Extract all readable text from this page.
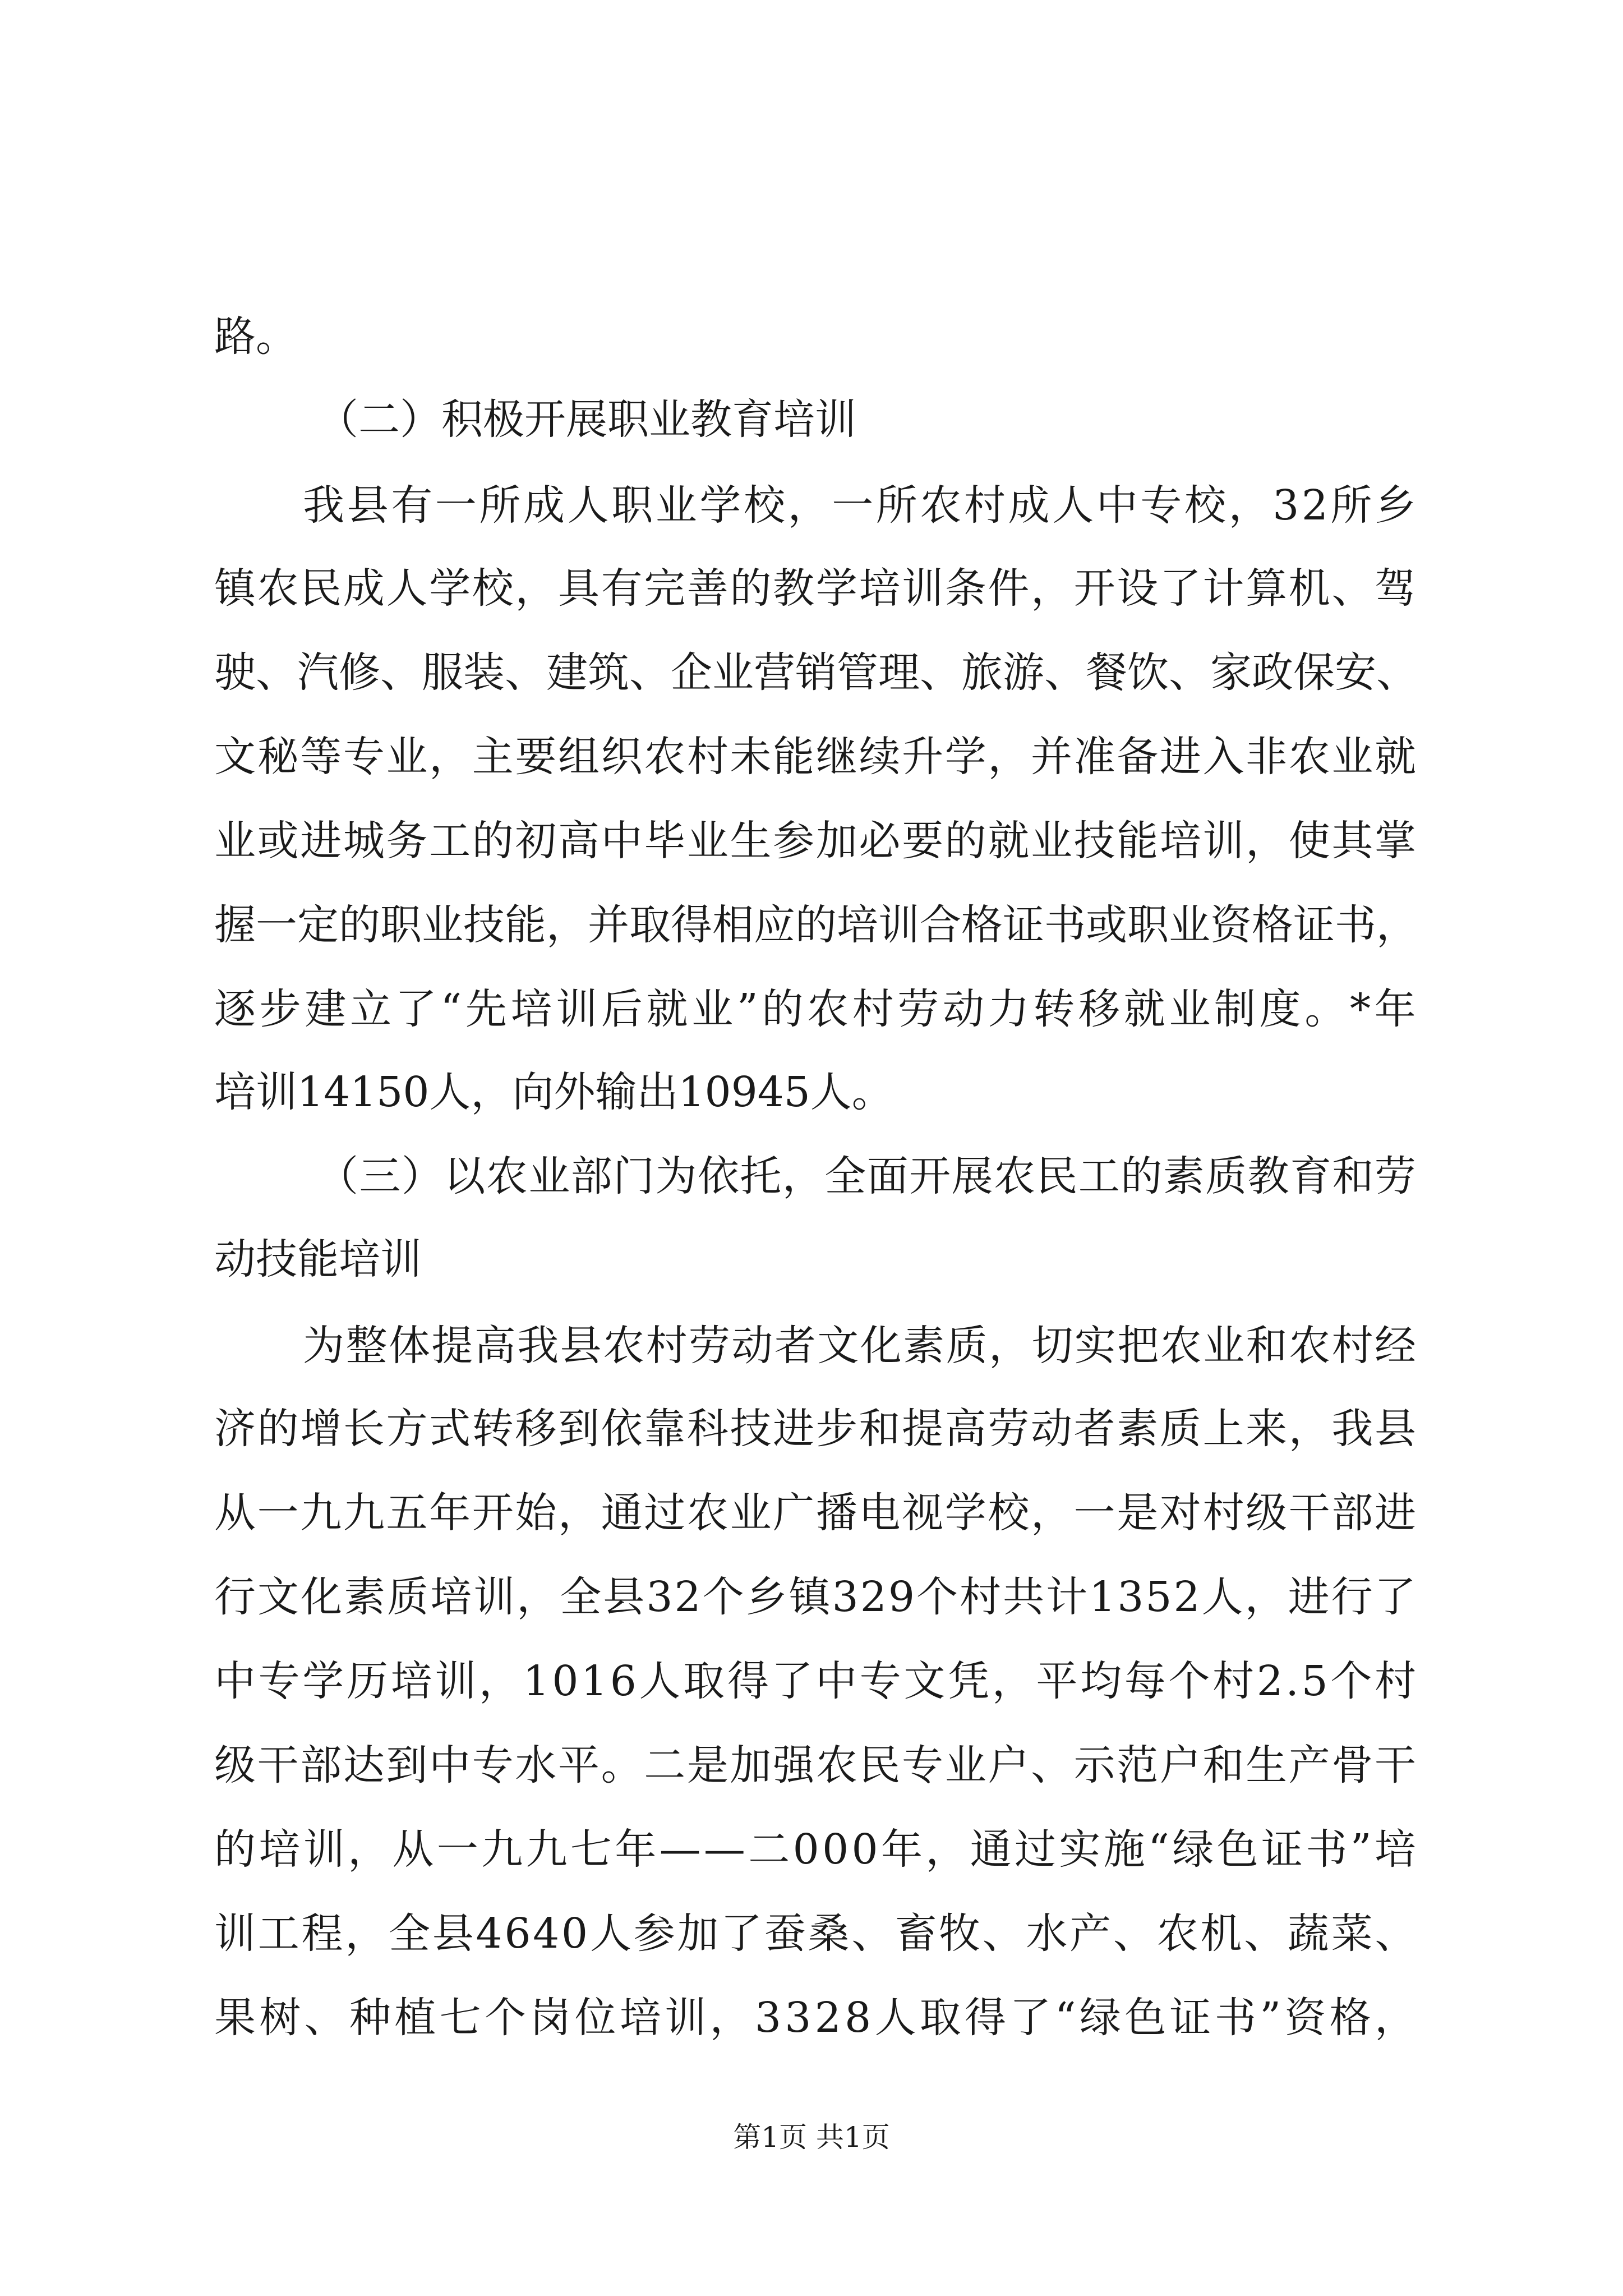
路。
（二）积极开展职业教育培训
我县有一所成人职业学校，一所农村成人中专校，32所乡
镇农民成人学校，具有完善的教学培训条件，开设了计算机、驾
驶、汽修、服装、建筑、企业营销管理、旅游、餐饮、家政保安、
文秘等专业，主要组织农村未能继续升学，并准备进入非农业就
业或进城务工的初高中毕业生参加必要的就业技能培训，使其掌
握一定的职业技能，并取得相应的培训合格证书或职业资格证书，
逐步建立了“先培训后就业”的农村劳动力转移就业制度。*年
培训14150人，向外输出10945人。
（三）以农业部门为依托，全面开展农民工的素质教育和劳
动技能培训
为整体提高我县农村劳动者文化素质，切实把农业和农村经
济的增长方式转移到依靠科技进步和提高劳动者素质上来，我县
从一九九五年开始，通过农业广播电视学校，一是对村级干部进
行文化素质培训，全县32个乡镇329个村共计1352人，进行了
中专学历培训，1016人取得了中专文凭，平均每个村2.5个村
级干部达到中专水平。二是加强农民专业户、示范户和生产骨干
的培训，从一九九七年——二000年，通过实施“绿色证书”培
训工程，全县4640人参加了蚕桑、畜牧、水产、农机、蔬菜、
果树、种植七个岗位培训，3328人取得了“绿色证书”资格，
第1页 共1页
